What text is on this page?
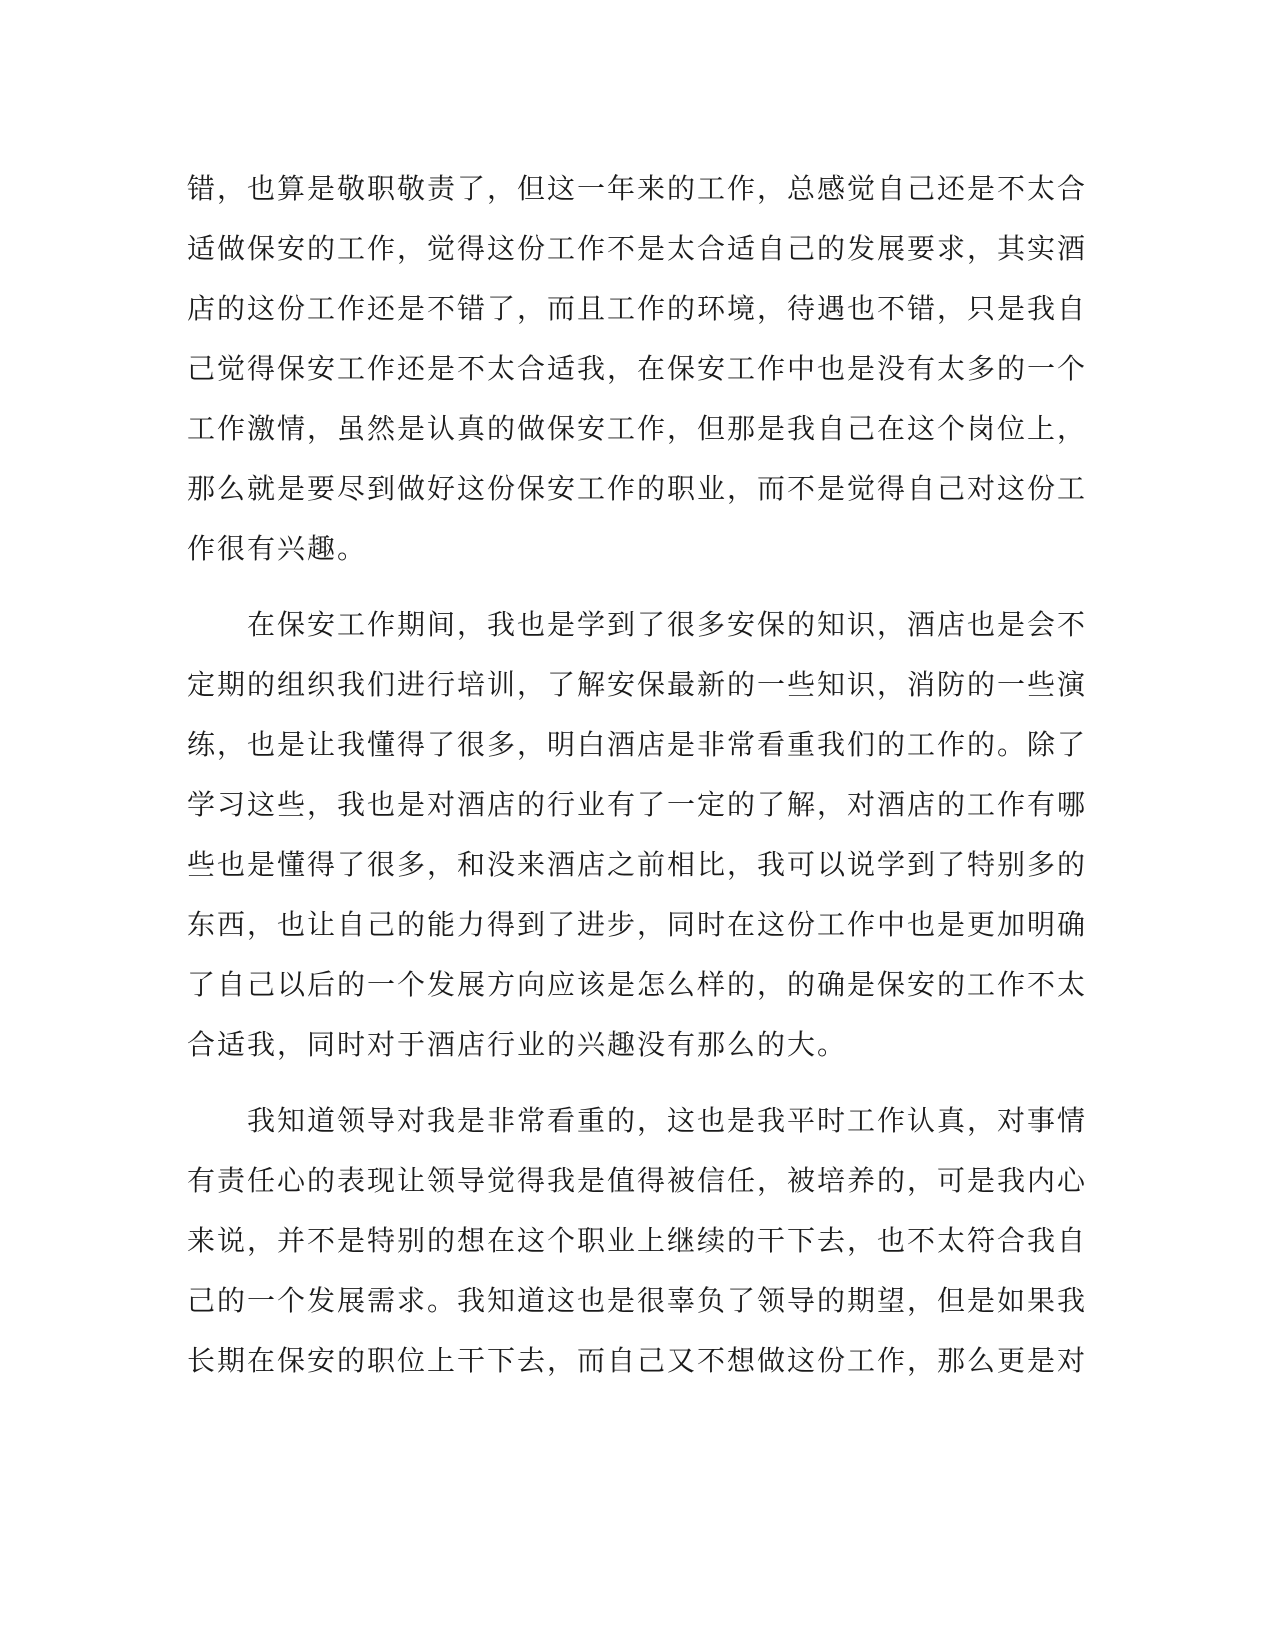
错，也算是敬职敬责了，但这一年来的工作，总感觉自己还是不太合
适做保安的工作，觉得这份工作不是太合适自己的发展要求，其实酒
店的这份工作还是不错了，而且工作的环境，待遇也不错，只是我自
己觉得保安工作还是不太合适我，在保安工作中也是没有太多的一个
工作激情，虽然是认真的做保安工作，但那是我自己在这个岗位上，
那么就是要尽到做好这份保安工作的职业，而不是觉得自己对这份工
作很有兴趣。
　　在保安工作期间，我也是学到了很多安保的知识，酒店也是会不
定期的组织我们进行培训，了解安保最新的一些知识，消防的一些演
练，也是让我懂得了很多，明白酒店是非常看重我们的工作的。除了
学习这些，我也是对酒店的行业有了一定的了解，对酒店的工作有哪
些也是懂得了很多，和没来酒店之前相比，我可以说学到了特别多的
东西，也让自己的能力得到了进步，同时在这份工作中也是更加明确
了自己以后的一个发展方向应该是怎么样的，的确是保安的工作不太
合适我，同时对于酒店行业的兴趣没有那么的大。
　　我知道领导对我是非常看重的，这也是我平时工作认真，对事情
有责任心的表现让领导觉得我是值得被信任，被培养的，可是我内心
来说，并不是特别的想在这个职业上继续的干下去，也不太符合我自
己的一个发展需求。我知道这也是很辜负了领导的期望，但是如果我
长期在保安的职位上干下去，而自己又不想做这份工作，那么更是对
